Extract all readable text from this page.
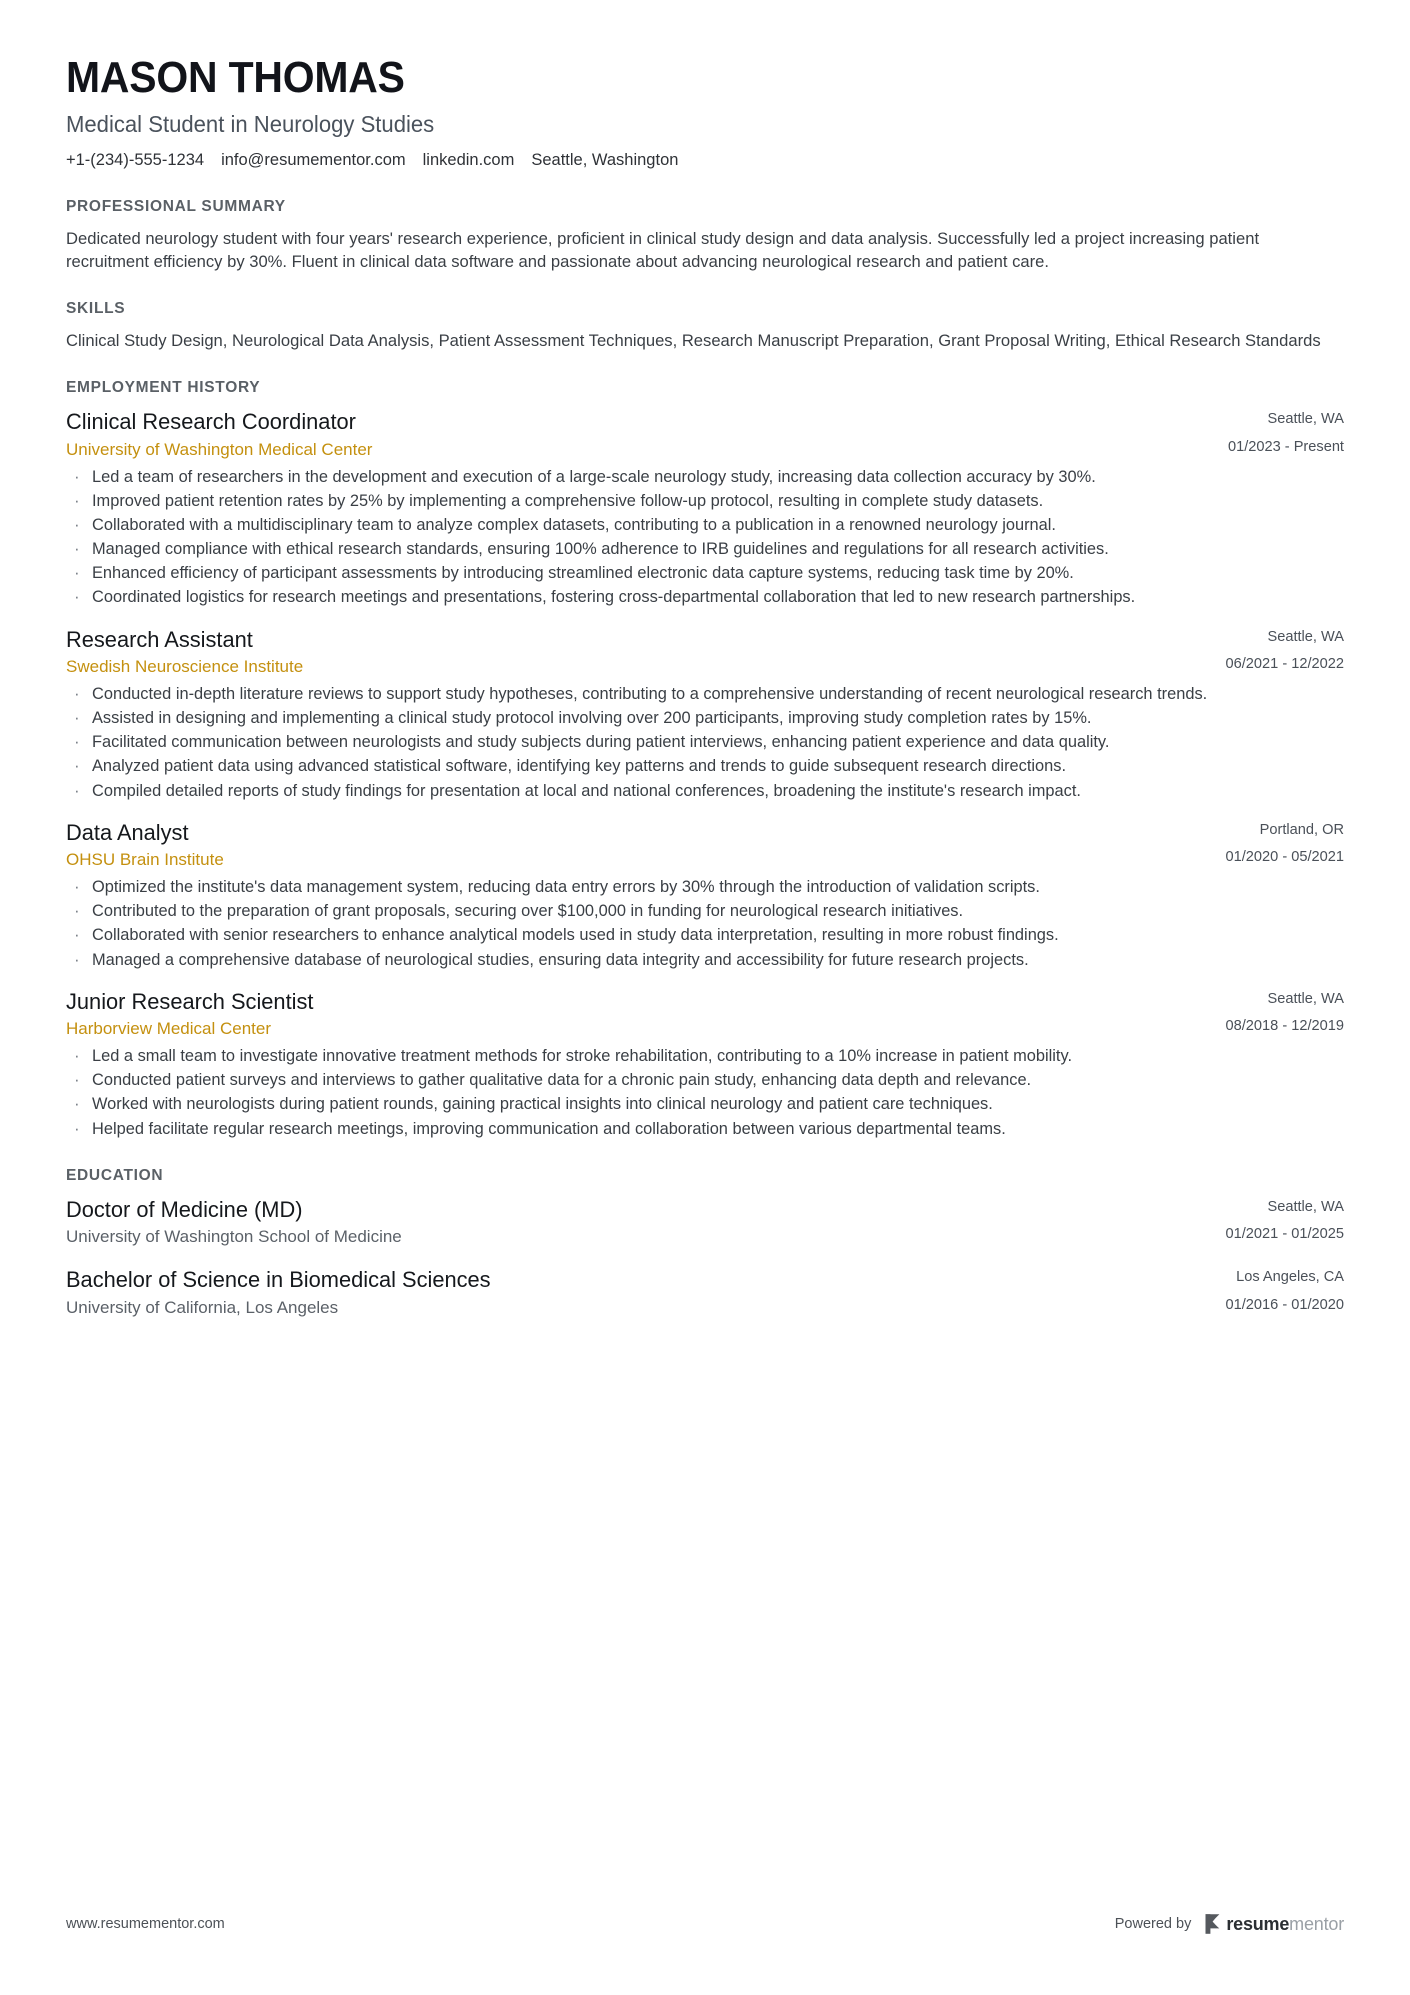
MASON THOMAS
Medical Student in Neurology Studies
+1-(234)-555-1234 info@resumementor.com linkedin.com Seattle, Washington
PROFESSIONAL SUMMARY
Dedicated neurology student with four years' research experience, proficient in clinical study design and data analysis. Successfully led a project increasing patient recruitment efficiency by 30%. Fluent in clinical data software and passionate about advancing neurological research and patient care.
SKILLS
Clinical Study Design, Neurological Data Analysis, Patient Assessment Techniques, Research Manuscript Preparation, Grant Proposal Writing, Ethical Research Standards
EMPLOYMENT HISTORY
Clinical Research Coordinator
University of Washington Medical Center
Seattle, WA
01/2023 - Present
· Led a team of researchers in the development and execution of a large-scale neurology study, increasing data collection accuracy by 30%.
· Improved patient retention rates by 25% by implementing a comprehensive follow-up protocol, resulting in complete study datasets.
· Collaborated with a multidisciplinary team to analyze complex datasets, contributing to a publication in a renowned neurology journal.
· Managed compliance with ethical research standards, ensuring 100% adherence to IRB guidelines and regulations for all research activities.
· Enhanced efficiency of participant assessments by introducing streamlined electronic data capture systems, reducing task time by 20%.
· Coordinated logistics for research meetings and presentations, fostering cross-departmental collaboration that led to new research partnerships.
Research Assistant
Swedish Neuroscience Institute
Seattle, WA
06/2021 - 12/2022
· Conducted in-depth literature reviews to support study hypotheses, contributing to a comprehensive understanding of recent neurological research trends.
· Assisted in designing and implementing a clinical study protocol involving over 200 participants, improving study completion rates by 15%.
· Facilitated communication between neurologists and study subjects during patient interviews, enhancing patient experience and data quality.
· Analyzed patient data using advanced statistical software, identifying key patterns and trends to guide subsequent research directions.
· Compiled detailed reports of study findings for presentation at local and national conferences, broadening the institute's research impact.
Data Analyst
OHSU Brain Institute
Portland, OR
01/2020 - 05/2021
· Optimized the institute's data management system, reducing data entry errors by 30% through the introduction of validation scripts.
· Contributed to the preparation of grant proposals, securing over $100,000 in funding for neurological research initiatives.
· Collaborated with senior researchers to enhance analytical models used in study data interpretation, resulting in more robust findings.
· Managed a comprehensive database of neurological studies, ensuring data integrity and accessibility for future research projects.
Junior Research Scientist
Harborview Medical Center
Seattle, WA
08/2018 - 12/2019
· Led a small team to investigate innovative treatment methods for stroke rehabilitation, contributing to a 10% increase in patient mobility.
· Conducted patient surveys and interviews to gather qualitative data for a chronic pain study, enhancing data depth and relevance.
· Worked with neurologists during patient rounds, gaining practical insights into clinical neurology and patient care techniques.
· Helped facilitate regular research meetings, improving communication and collaboration between various departmental teams.
EDUCATION
Doctor of Medicine (MD)
University of Washington School of Medicine
Seattle, WA
01/2021 - 01/2025
Bachelor of Science in Biomedical Sciences
University of California, Los Angeles
Los Angeles, CA
01/2016 - 01/2020
www.resumementor.com	Powered by resumementor
